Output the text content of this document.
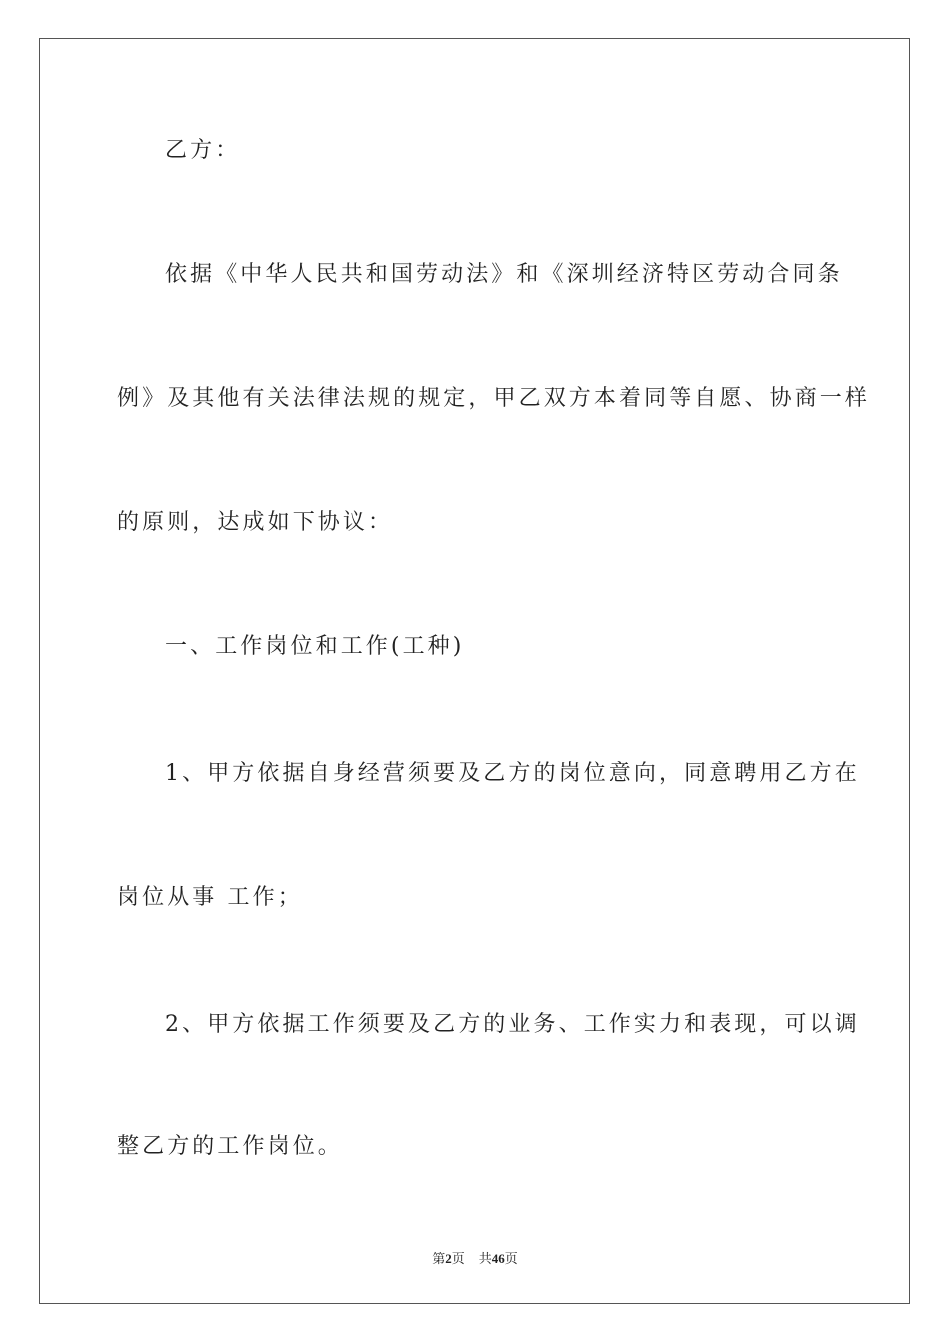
乙方：
依据《中华人民共和国劳动法》和《深圳经济特区劳动合同条
例》及其他有关法律法规的规定，甲乙双方本着同等自愿、协商一样
的原则，达成如下协议：
一、工作岗位和工作(工种)
1、甲方依据自身经营须要及乙方的岗位意向，同意聘用乙方在
岗位从事 工作；
2、甲方依据工作须要及乙方的业务、工作实力和表现，可以调
整乙方的工作岗位。
第2页 共46页
